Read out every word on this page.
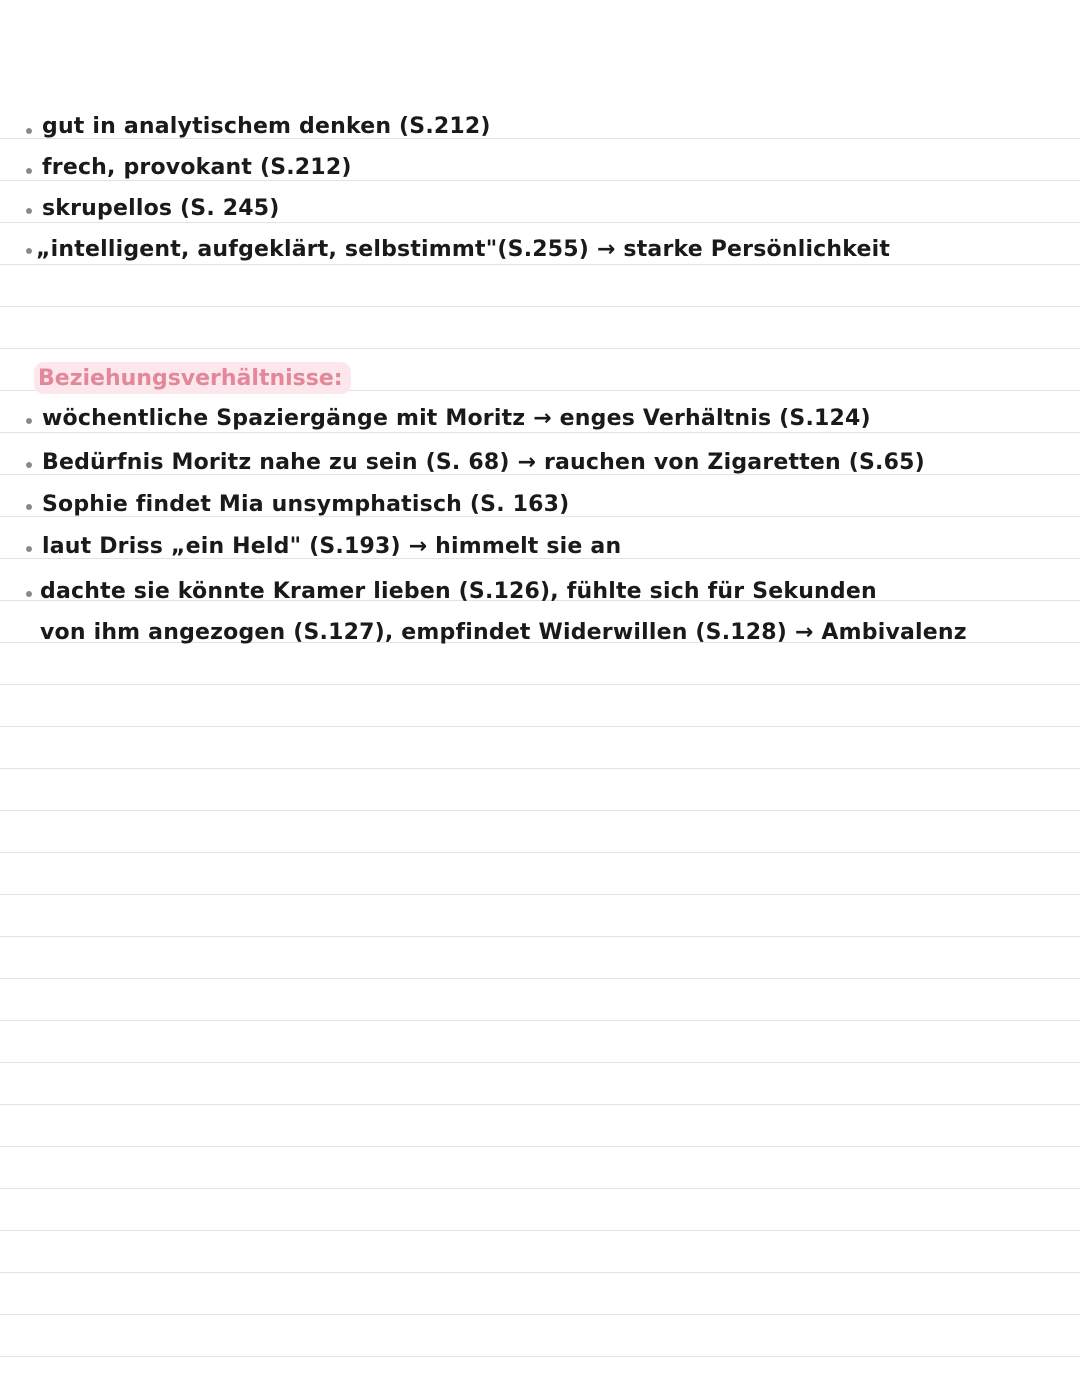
gut in analytischem denken (S.212)
frech, provokant (S.212)
skrupellos (S. 245)
„intelligent, aufgeklärt, selbstimmt"(S.255) → starke Persönlichkeit
Beziehungsverhältnisse:
wöchentliche Spaziergänge mit Moritz → enges Verhältnis (S.124)
Bedürfnis Moritz nahe zu sein (S. 68) → rauchen von Zigaretten (S.65)
Sophie findet Mia unsymphatisch (S. 163)
laut Driss „ein Held" (S.193) → himmelt sie an
dachte sie könnte Kramer lieben (S.126), fühlte sich für Sekunden
von ihm angezogen (S.127), empfindet Widerwillen (S.128) → Ambivalenz
